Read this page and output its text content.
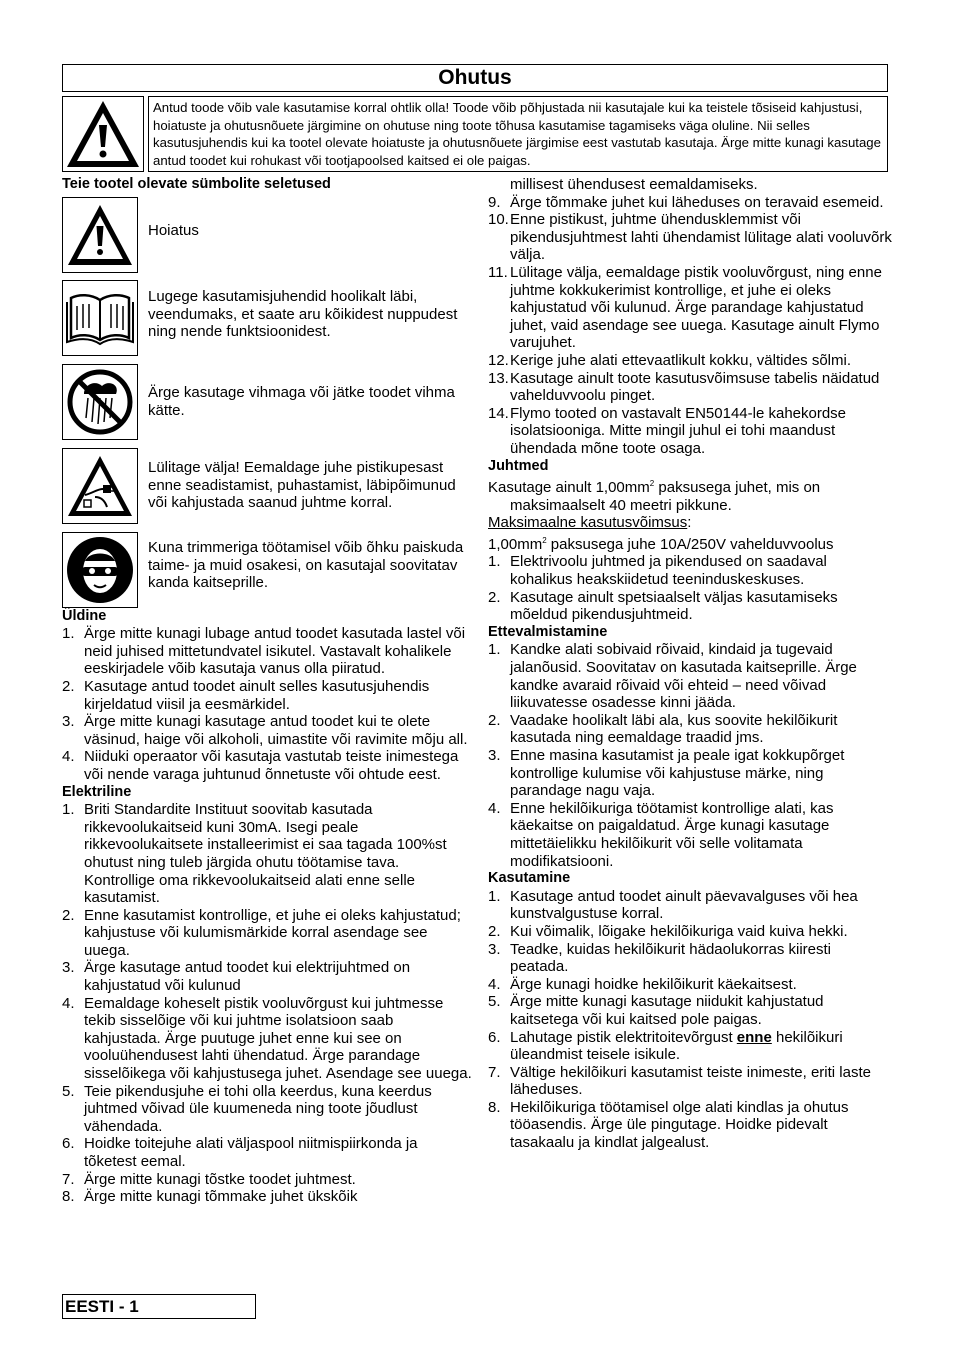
Ohutus
Antud toode võib vale kasutamise korral ohtlik olla! Toode võib põhjustada nii kasutajale kui ka teistele tõsiseid kahjustusi, hoiatuste ja ohutusnõuete järgimine on ohutuse ning toote tõhusa kasutamise tagamiseks väga oluline. Nii selles kasutusjuhendis kui ka tootel olevate hoiatuste ja ohutusnõuete järgimise eest vastutab kasutaja. Ärge mitte kunagi kasutage antud toodet kui rohukast või tootjapoolsed kaitsed ei ole paigas.
Teie tootel olevate sümbolite seletused
Hoiatus
Lugege kasutamisjuhendid hoolikalt läbi, veendumaks, et saate aru kõikidest nuppudest ning nende funktsioonidest.
Ärge kasutage vihmaga või jätke toodet vihma kätte.
Lülitage välja! Eemaldage juhe pistikupesast enne seadistamist, puhastamist, läbipõimunud või kahjustada saanud juhtme korral.
Kuna trimmeriga töötamisel võib õhku paiskuda taime- ja muid osakesi, on kasutajal soovitatav kanda kaitseprille.
Üldine
1. Ärge mitte kunagi lubage antud toodet kasutada lastel või neid juhised mittetundvatel isikutel. Vastavalt kohalikele eeskirjadele võib kasutaja vanus olla piiratud.
2. Kasutage antud toodet ainult selles kasutusjuhendis kirjeldatud viisil ja eesmärkidel.
3. Ärge mitte kunagi kasutage antud toodet kui te olete väsinud, haige või alkoholi, uimastite või ravimite mõju all.
4. Niiduki operaator või kasutaja vastutab teiste inimestega või nende varaga juhtunud õnnetuste või ohtude eest.
Elektriline
1. Briti Standardite Instituut soovitab kasutada rikkevoolukaitseid kuni 30mA. Isegi peale rikkevoolukaitsete installeerimist ei saa tagada 100%st ohutust ning tuleb järgida ohutu töötamise tava. Kontrollige oma rikkevoolukaitseid alati enne selle kasutamist.
2. Enne kasutamist kontrollige, et juhe ei oleks kahjustatud; kahjustuse või kulumismärkide korral asendage see uuega.
3. Ärge kasutage antud toodet kui elektrijuhtmed on kahjustatud või kulunud
4. Eemaldage koheselt pistik vooluvõrgust kui juhtmesse tekib sisselõige või kui juhtme isolatsioon saab kahjustada. Ärge puutuge juhet enne kui see on vooluühendusest lahti ühendatud. Ärge parandage sisselõikega või kahjustusega juhet. Asendage see uuega.
5. Teie pikendusjuhe ei tohi olla keerdus, kuna keerdus juhtmed võivad üle kuumeneda ning toote jõudlust vähendada.
6. Hoidke toitejuhe alati väljaspool niitmispiirkonda ja tõketest eemal.
7. Ärge mitte kunagi tõstke toodet juhtmest.
8. Ärge mitte kunagi tõmmake juhet ükskõik
millisest ühendusest eemaldamiseks.
9. Ärge tõmmake juhet kui läheduses on teravaid esemeid.
10. Enne pistikust, juhtme ühendusklemmist või pikendusjuhtmest lahti ühendamist lülitage alati vooluvõrk välja.
11. Lülitage välja, eemaldage pistik vooluvõrgust, ning enne juhtme kokkukerimist kontrollige, et juhe ei oleks kahjustatud või kulunud. Ärge parandage kahjustatud juhet, vaid asendage see uuega. Kasutage ainult Flymo varujuhet.
12. Kerige juhe alati ettevaatlikult kokku, vältides sõlmi.
13. Kasutage ainult toote kasutusvõimsuse tabelis näidatud vahelduvvoolu pinget.
14. Flymo tooted on vastavalt EN50144-le kahekordse isolatsiooniga. Mitte mingil juhul ei tohi maandust ühendada mõne toote osaga.
Juhtmed
Kasutage ainult $1,00mm^2$ paksusega juhet, mis on maksimaalselt 40 meetri pikkune.
Maksimaalne kasutusvõimsus:
$1,00mm^2$ paksusega juhe 10A/250V vahelduvvoolus
1. Elektrivoolu juhtmed ja pikendused on saadaval kohalikus heakskiidetud teeninduskeskuses.
2. Kasutage ainult spetsiaalselt väljas kasutamiseks mõeldud pikendusjuhtmeid.
Ettevalmistamine
1. Kandke alati sobivaid rõivaid, kindaid ja tugevaid jalanõusid. Soovitatav on kasutada kaitseprille. Ärge kandke avaraid rõivaid või ehteid – need võivad liikuvatesse osadesse kinni jääda.
2. Vaadake hoolikalt läbi ala, kus soovite hekilõikurit kasutada ning eemaldage traadid jms.
3. Enne masina kasutamist ja peale igat kokkupõrget kontrollige kulumise või kahjustuse märke, ning parandage nagu vaja.
4. Enne hekilõikuriga töötamist kontrollige alati, kas käekaitse on paigaldatud. Ärge kunagi kasutage mittetäielikku hekilõikurit või selle volitamata modifikatsiooni.
Kasutamine
1. Kasutage antud toodet ainult päevavalguses või hea kunstvalgustuse korral.
2. Kui võimalik, lõigake hekilõikuriga vaid kuiva hekki.
3. Teadke, kuidas hekilõikurit hädaolukorras kiiresti peatada.
4. Ärge kunagi hoidke hekilõikurit käekaitsest.
5. Ärge mitte kunagi kasutage niidukit kahjustatud kaitsetega või kui kaitsed pole paigas.
6. Lahutage pistik elektritoitevõrgust enne hekilõikuri üleandmist teisele isikule.
7. Vältige hekilõikuri kasutamist teiste inimeste, eriti laste läheduses.
8. Hekilõikuriga töötamisel olge alati kindlas ja ohutus tööasendis. Ärge üle pingutage. Hoidke pidevalt tasakaalu ja kindlat jalgealust.
EESTI - 1
